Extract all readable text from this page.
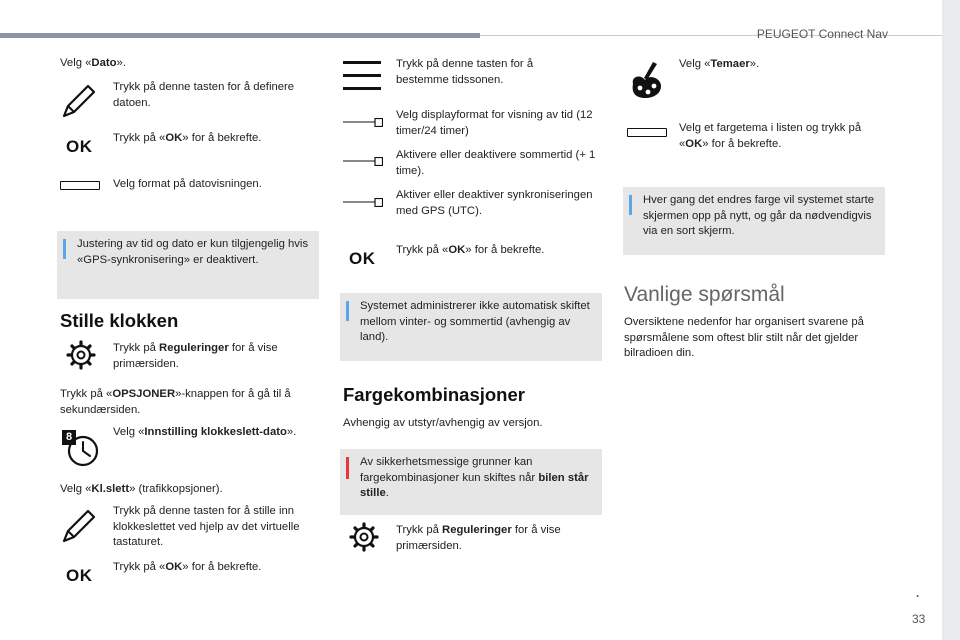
PEUGEOT Connect Nav
Velg «Dato».
Trykk på denne tasten for å definere datoen.
OK Trykk på «OK» for å bekrefte.
Velg format på datovisningen.
Justering av tid og dato er kun tilgjengelig hvis «GPS-synkronisering» er deaktivert.
Stille klokken
Trykk på Reguleringer for å vise primærsiden.
Trykk på «OPSJONER»-knappen for å gå til å sekundærsiden.
8	Velg «Innstilling klokkeslett-dato».
Velg «Kl.slett» (trafikkopsjoner).
Trykk på denne tasten for å stille inn klokkeslettet ved hjelp av det virtuelle tastaturet.
OK Trykk på «OK» for å bekrefte.
Trykk på denne tasten for å bestemme tidssonen.
Velg displayformat for visning av tid (12 timer/24 timer)
Aktivere eller deaktivere sommertid (+ 1 time).
Aktiver eller deaktiver synkroniseringen med GPS (UTC).
OK Trykk på «OK» for å bekrefte.
Systemet administrerer ikke automatisk skiftet mellom vinter- og sommertid (avhengig av land).
Fargekombinasjoner
Avhengig av utstyr/avhengig av versjon.
Av sikkerhetsmessige grunner kan fargekombinasjoner kun skiftes når bilen står stille.
Trykk på Reguleringer for å vise primærsiden.
Velg «Temaer».
Velg et fargetema i listen og trykk på «OK» for å bekrefte.
Hver gang det endres farge vil systemet starte skjermen opp på nytt, og går da nødvendigvis via en sort skjerm.
Vanlige spørsmål
Oversiktene nedenfor har organisert svarene på spørsmålene som oftest blir stilt når det gjelder bilradioen din.
.
33
